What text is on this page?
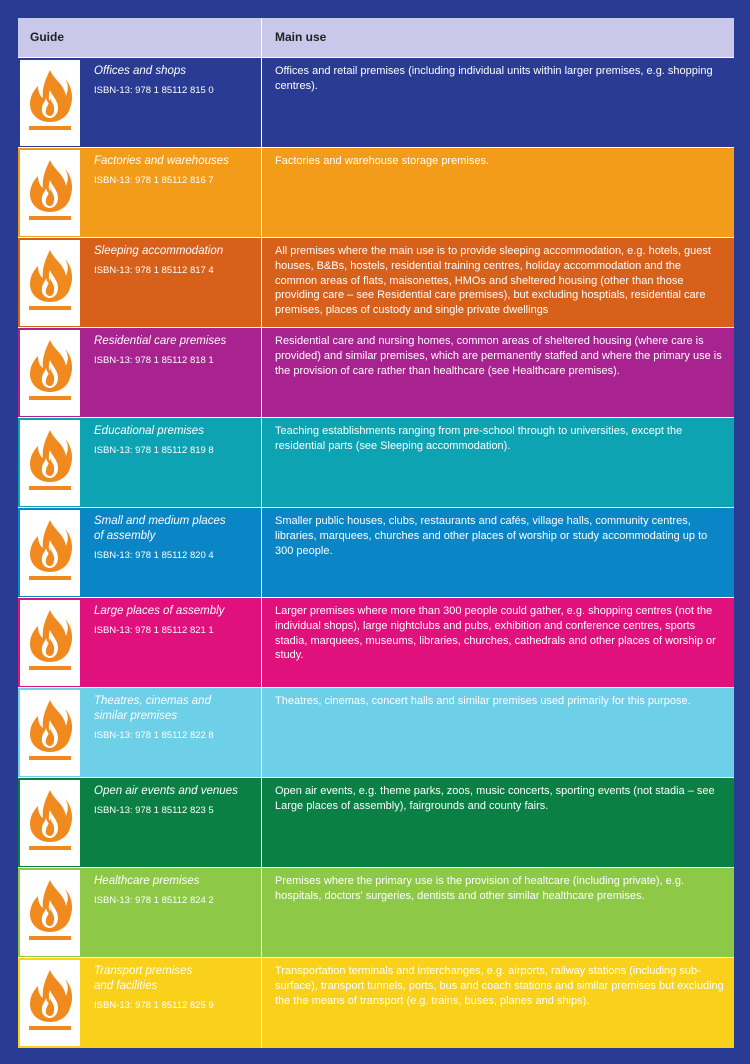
Guide	Main use
Offices and shops
ISBN-13: 978 1 85112 815 0
Offices and retail premises (including individual units within larger premises, e.g. shopping centres).
Factories and warehouses
ISBN-13: 978 1 85112 816 7
Factories and warehouse storage premises.
Sleeping accommodation
ISBN-13: 978 1 85112 817 4
All premises where the main use is to provide sleeping accommodation, e.g. hotels, guest houses, B&Bs, hostels, residential training centres, holiday accommodation and the common areas of flats, maisonettes, HMOs and sheltered housing (other than those providing care – see Residential care premises), but excluding hosptials, residential care premises, places of custody and single private dwellings
Residential care premises
ISBN-13: 978 1 85112 818 1
Residential care and nursing homes, common areas of sheltered housing (where care is provided) and similar premises, which are permanently staffed and where the primary use is the provision of care rather than healthcare (see Healthcare premises).
Educational premises
ISBN-13: 978 1 85112 819 8
Teaching establishments ranging from pre-school through to universities, except the residential parts (see Sleeping accommodation).
Small and medium places
of assembly
ISBN-13: 978 1 85112 820 4
Smaller public houses, clubs, restaurants and cafés, village halls, community centres, libraries, marquees, churches and other places of worship or study accommodating up to 300 people.
Large places of assembly
ISBN-13: 978 1 85112 821 1
Larger premises where more than 300 people could gather, e.g. shopping centres (not the individual shops), large nightclubs and pubs, exhibition and conference centres, sports stadia, marquees, museums, libraries, churches, cathedrals and other places of worship or study.
Theatres, cinemas and
similar premises
ISBN-13: 978 1 85112 822 8
Theatres, cinemas, concert halls and similar premises used primarily for this purpose.
Open air events and venues
ISBN-13: 978 1 85112 823 5
Open air events, e.g. theme parks, zoos, music concerts, sporting events (not stadia – see Large places of assembly), fairgrounds and county fairs.
Healthcare premises
ISBN-13: 978 1 85112 824 2
Premises where the primary use is the provision of healtcare (including private), e.g. hospitals, doctors' surgeries, dentists and other similar healthcare premises.
Transport premises
and facilities
ISBN-13: 978 1 85112 825 9
Transportation terminals and interchanges, e.g. airports, railway stations (including sub-surface), transport tunnels, ports, bus and coach stations and similar premises but excluding the the means of transport (e.g. trains, buses, planes and ships).
